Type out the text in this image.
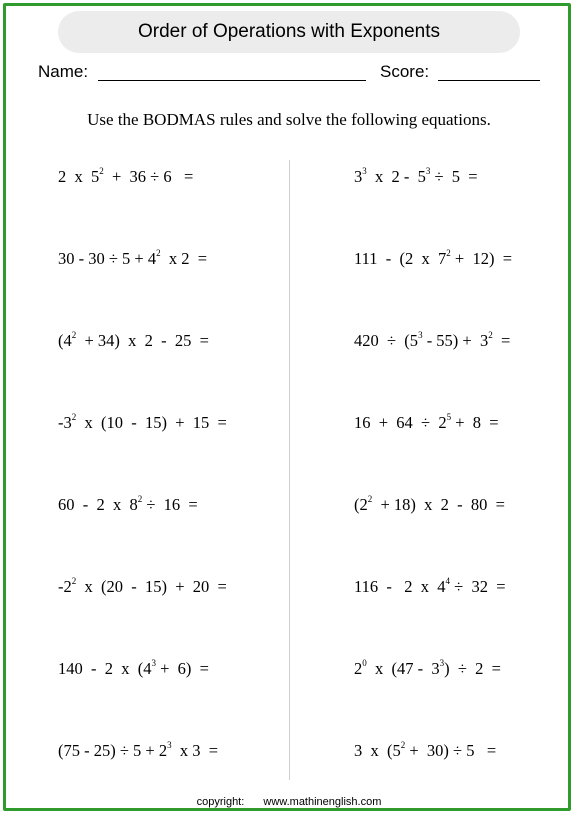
Order of Operations with Exponents
Name:	Score:
Use the BODMAS rules and solve the following equations.
2  x  $5^2 + 36 \div 6$   =
$30 - 30 \div 5 + 4^2$  x 2  =
$(4^2 + 34)$  x  2  -  25  =
$-3^2$  x  (10  -  15)  +  15  =
60  -  2  x  $8^2 \div 16$  =
$-2^2$  x  (20  -  15)  +  20  =
140  -  2  x  $(4^3 + 6)$  =
$(75 - 25) \div 5 + 2^3$  x 3  =
$3^3$  x  $2 - 5^3 \div 5$  =
111  -  (2  x  $7^2 + 12$)  =
$420 \div (5^3 - 55) + 3^2$  =
$16 + 64 \div 2^5 + 8$  =
$(2^2 + 18)$  x  2  -  80  =
116  -   2  x  $4^4 \div 32$  =
$2^0$  x  $(47 - 3^3) \div 2$  =
3  x  $(5^2 + 30) \div 5$   =
copyright: www.mathinenglish.com
